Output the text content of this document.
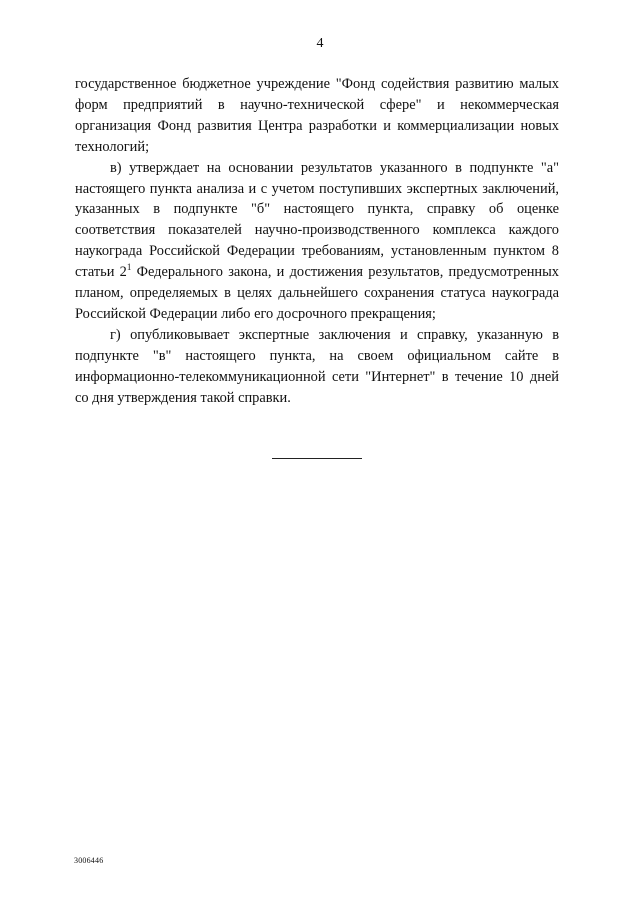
4

государственное бюджетное учреждение "Фонд содействия развитию малых форм предприятий в научно-технической сфере" и некоммерческая организация Фонд развития Центра разработки и коммерциализации новых технологий;

в) утверждает на основании результатов указанного в подпункте "а" настоящего пункта анализа и с учетом поступивших экспертных заключений, указанных в подпункте "б" настоящего пункта, справку об оценке соответствия показателей научно-производственного комплекса каждого наукограда Российской Федерации требованиям, установленным пунктом 8 статьи $2^1$ Федерального закона, и достижения результатов, предусмотренных планом, определяемых в целях дальнейшего сохранения статуса наукограда Российской Федерации либо его досрочного прекращения;

г) опубликовывает экспертные заключения и справку, указанную в подпункте "в" настоящего пункта, на своем официальном сайте в информационно-телекоммуникационной сети "Интернет" в течение 10 дней со дня утверждения такой справки.

3006446
